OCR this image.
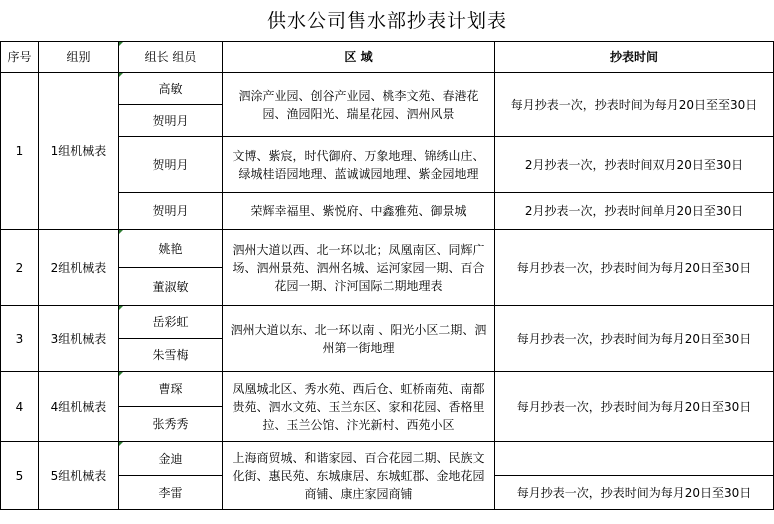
供水公司售水部抄表计划表				
序号	组别	组长 组员	区 域	抄表时间
1	1组机械表	高敏	泗涂产业园、创谷产业园、桃李文苑、春港花园、渔园阳光、瑞星花园、泗州风景	每月抄表一次，抄表时间为每月20日至至30日
		贺明月		
		贺明月	文博、紫宸，时代御府、万象地理、锦绣山庄、绿城桂语园地理、蓝诚诚园地理、紫金园地理	2月抄表一次，抄表时间双月20日至30日
		贺明月	荣辉幸福里、紫悦府、中鑫雅苑、御景城	2月抄表一次，抄表时间单月20日至30日
2	2组机械表	姚艳	泗州大道以西、北一环以北；凤凰南区、同辉广场、泗州景苑、泗州名城、运河家园一期、百合花园一期、汴河国际二期地理表	每月抄表一次，抄表时间为每月20日至30日
		董淑敏		
3	3组机械表	岳彩虹	泗州大道以东、北一环以南 、阳光小区二期、泗州第一街地理	每月抄表一次，抄表时间为每月20日至30日
		朱雪梅		
4	4组机械表	曹琛	凤凰城北区、秀水苑、西后仓、虹桥南苑、南都贵苑、泗水文苑、玉兰东区、家和花园、香格里拉、玉兰公馆、汴光新村、西苑小区	每月抄表一次，抄表时间为每月20日至30日
		张秀秀		
5	5组机械表	金迪	上海商贸城、和谐家园、百合花园二期、民族文化街、惠民苑、东城康居、东城虹郡、金地花园商铺、康庄家园商铺	
		李雷		每月抄表一次，抄表时间为每月20日至30日
